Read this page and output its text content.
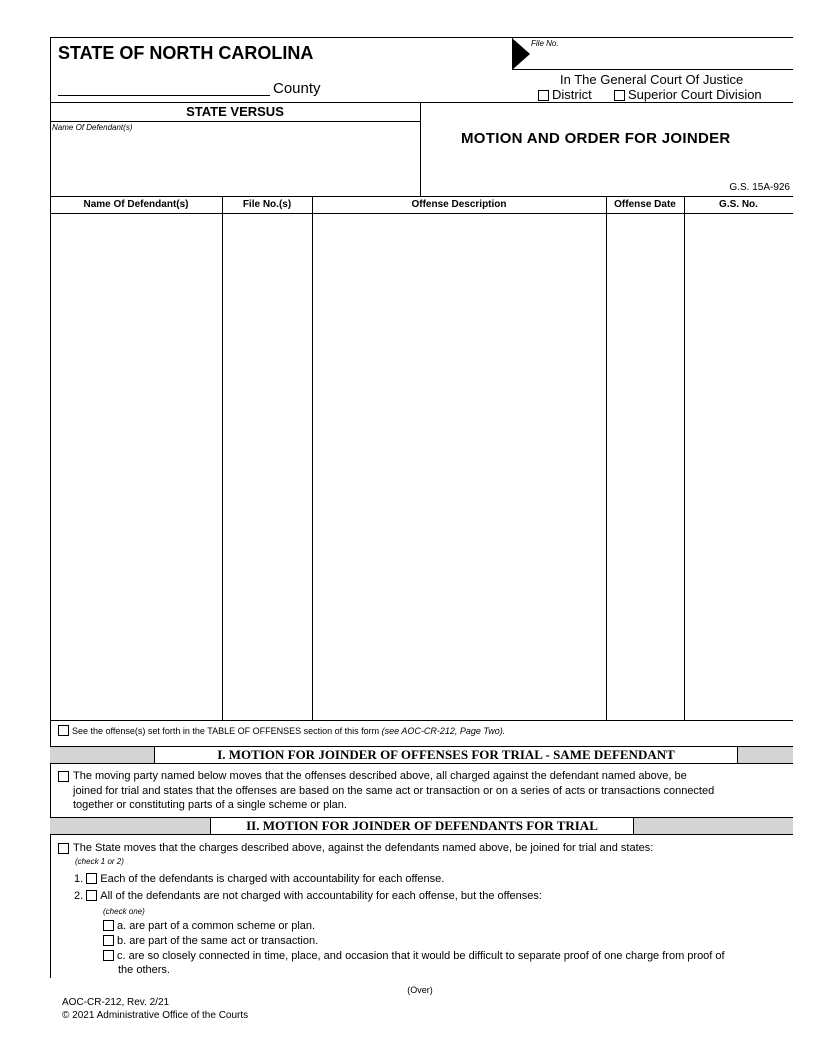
STATE OF NORTH CAROLINA
County
File No.
In The General Court Of Justice
District	Superior Court Division
STATE VERSUS
Name Of Defendant(s)
MOTION AND ORDER FOR JOINDER
G.S. 15A-926
Name Of Defendant(s)	File No.(s)	Offense Description	Offense Date	G.S. No.
See the offense(s) set forth in the TABLE OF OFFENSES section of this form (see AOC-CR-212, Page Two).
I. MOTION FOR JOINDER OF OFFENSES FOR TRIAL - SAME DEFENDANT
The moving party named below moves that the offenses described above, all charged against the defendant named above, be
joined for trial and states that the offenses are based on the same act or transaction or on a series of acts or transactions connected
together or constituting parts of a single scheme or plan.
II. MOTION FOR JOINDER OF DEFENDANTS FOR TRIAL
The State moves that the charges described above, against the defendants named above, be joined for trial and states:
(check 1 or 2)
1. Each of the defendants is charged with accountability for each offense.
2. All of the defendants are not charged with accountability for each offense, but the offenses:
(check one)
a. are part of a common scheme or plan.
b. are part of the same act or transaction.
c. are so closely connected in time, place, and occasion that it would be difficult to separate proof of one charge from proof of
the others.
(Over)
AOC-CR-212, Rev. 2/21
© 2021 Administrative Office of the Courts
